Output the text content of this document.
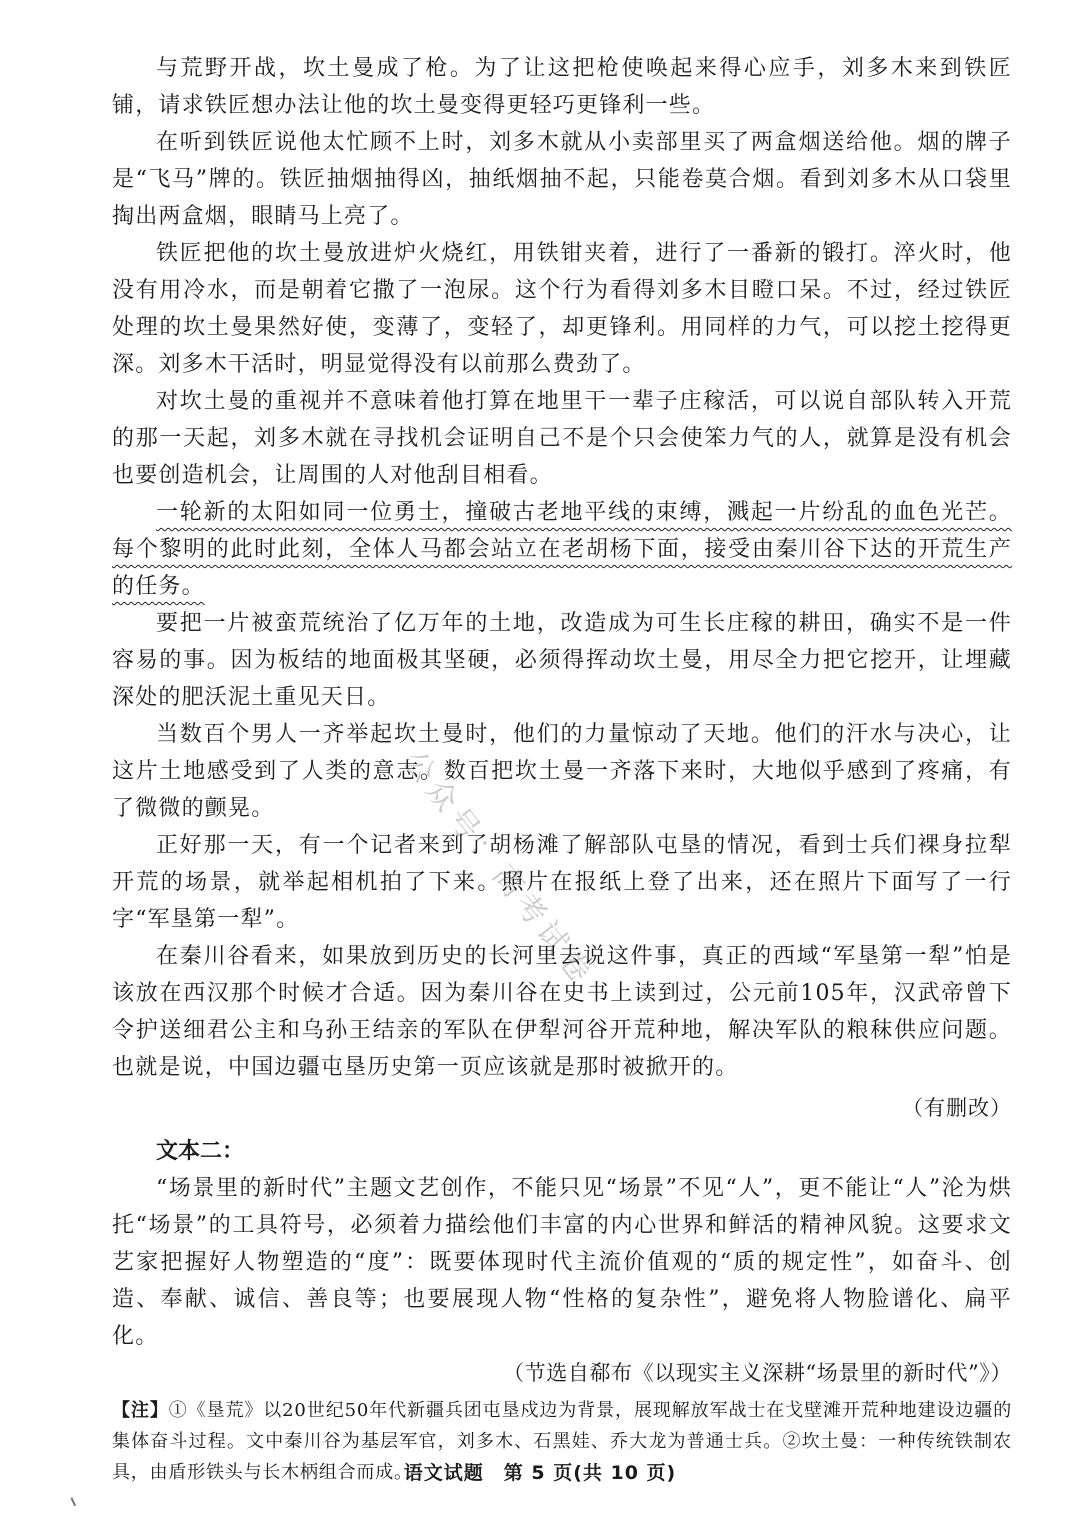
公众号：高考试卷

与荒野开战，坎土曼成了枪。为了让这把枪使唤起来得心应手，刘多木来到铁匠铺，请求铁匠想办法让他的坎土曼变得更轻巧更锋利一些。

在听到铁匠说他太忙顾不上时，刘多木就从小卖部里买了两盒烟送给他。烟的牌子是“飞马”牌的。铁匠抽烟抽得凶，抽纸烟抽不起，只能卷莫合烟。看到刘多木从口袋里掏出两盒烟，眼睛马上亮了。

铁匠把他的坎土曼放进炉火烧红，用铁钳夹着，进行了一番新的锻打。淬火时，他没有用冷水，而是朝着它撒了一泡尿。这个行为看得刘多木目瞪口呆。不过，经过铁匠处理的坎土曼果然好使，变薄了，变轻了，却更锋利。用同样的力气，可以挖土挖得更深。刘多木干活时，明显觉得没有以前那么费劲了。

对坎土曼的重视并不意味着他打算在地里干一辈子庄稼活，可以说自部队转入开荒的那一天起，刘多木就在寻找机会证明自己不是个只会使笨力气的人，就算是没有机会也要创造机会，让周围的人对他刮目相看。

一轮新的太阳如同一位勇士，撞破古老地平线的束缚，溅起一片纷乱的血色光芒。每个黎明的此时此刻，全体人马都会站立在老胡杨下面，接受由秦川谷下达的开荒生产的任务。

要把一片被蛮荒统治了亿万年的土地，改造成为可生长庄稼的耕田，确实不是一件容易的事。因为板结的地面极其坚硬，必须得挥动坎土曼，用尽全力把它挖开，让埋藏深处的肥沃泥土重见天日。

当数百个男人一齐举起坎土曼时，他们的力量惊动了天地。他们的汗水与决心，让这片土地感受到了人类的意志。数百把坎土曼一齐落下来时，大地似乎感到了疼痛，有了微微的颤晃。

正好那一天，有一个记者来到了胡杨滩了解部队屯垦的情况，看到士兵们裸身拉犁开荒的场景，就举起相机拍了下来。照片在报纸上登了出来，还在照片下面写了一行字“军垦第一犁”。

在秦川谷看来，如果放到历史的长河里去说这件事，真正的西域“军垦第一犁”怕是该放在西汉那个时候才合适。因为秦川谷在史书上读到过，公元前105年，汉武帝曾下令护送细君公主和乌孙王结亲的军队在伊犁河谷开荒种地，解决军队的粮秣供应问题。也就是说，中国边疆屯垦历史第一页应该就是那时被掀开的。

（有删改）

文本二：

“场景里的新时代”主题文艺创作，不能只见“场景”不见“人”，更不能让“人”沦为烘托“场景”的工具符号，必须着力描绘他们丰富的内心世界和鲜活的精神风貌。这要求文艺家把握好人物塑造的“度”：既要体现时代主流价值观的“质的规定性”，如奋斗、创造、奉献、诚信、善良等；也要展现人物“性格的复杂性”，避免将人物脸谱化、扁平化。

（节选自郗布《以现实主义深耕“场景里的新时代”》）

【注】①《垦荒》以20世纪50年代新疆兵团屯垦戍边为背景，展现解放军战士在戈壁滩开荒种地建设边疆的集体奋斗过程。文中秦川谷为基层军官，刘多木、石黑娃、乔大龙为普通士兵。②坎土曼：一种传统铁制农具，由盾形铁头与长木柄组合而成。

语文试题　第 5 页(共 10 页)
